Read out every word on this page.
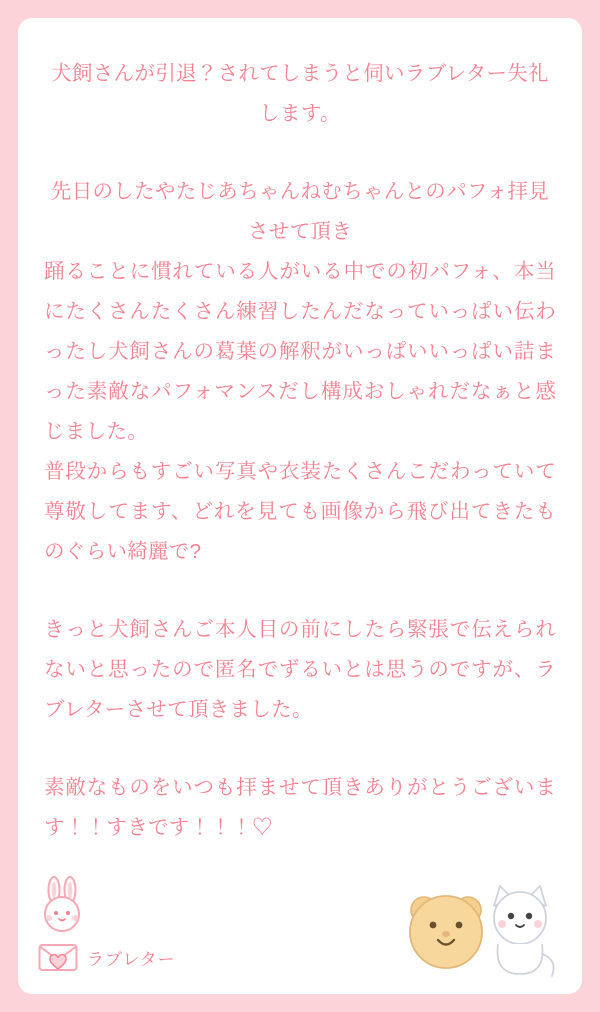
犬飼さんが引退？されてしまうと伺いラブレター失礼します。

先日のしたやたじあちゃんねむちゃんとのパフォ拝見させて頂き

踊ることに慣れている人がいる中での初パフォ、本当にたくさんたくさん練習したんだなっていっぱい伝わったし犬飼さんの葛葉の解釈がいっぱいいっぱい詰まった素敵なパフォマンスだし構成おしゃれだなぁと感じました。

普段からもすごい写真や衣装たくさんこだわっていて尊敬してます、どれを見ても画像から飛び出てきたものぐらい綺麗で?

きっと犬飼さんご本人目の前にしたら緊張で伝えられないと思ったので匿名でずるいとは思うのですが、ラブレターさせて頂きました。

素敵なものをいつも拝ませて頂きありがとうございます！！すきです！！！♡

ラブレター
